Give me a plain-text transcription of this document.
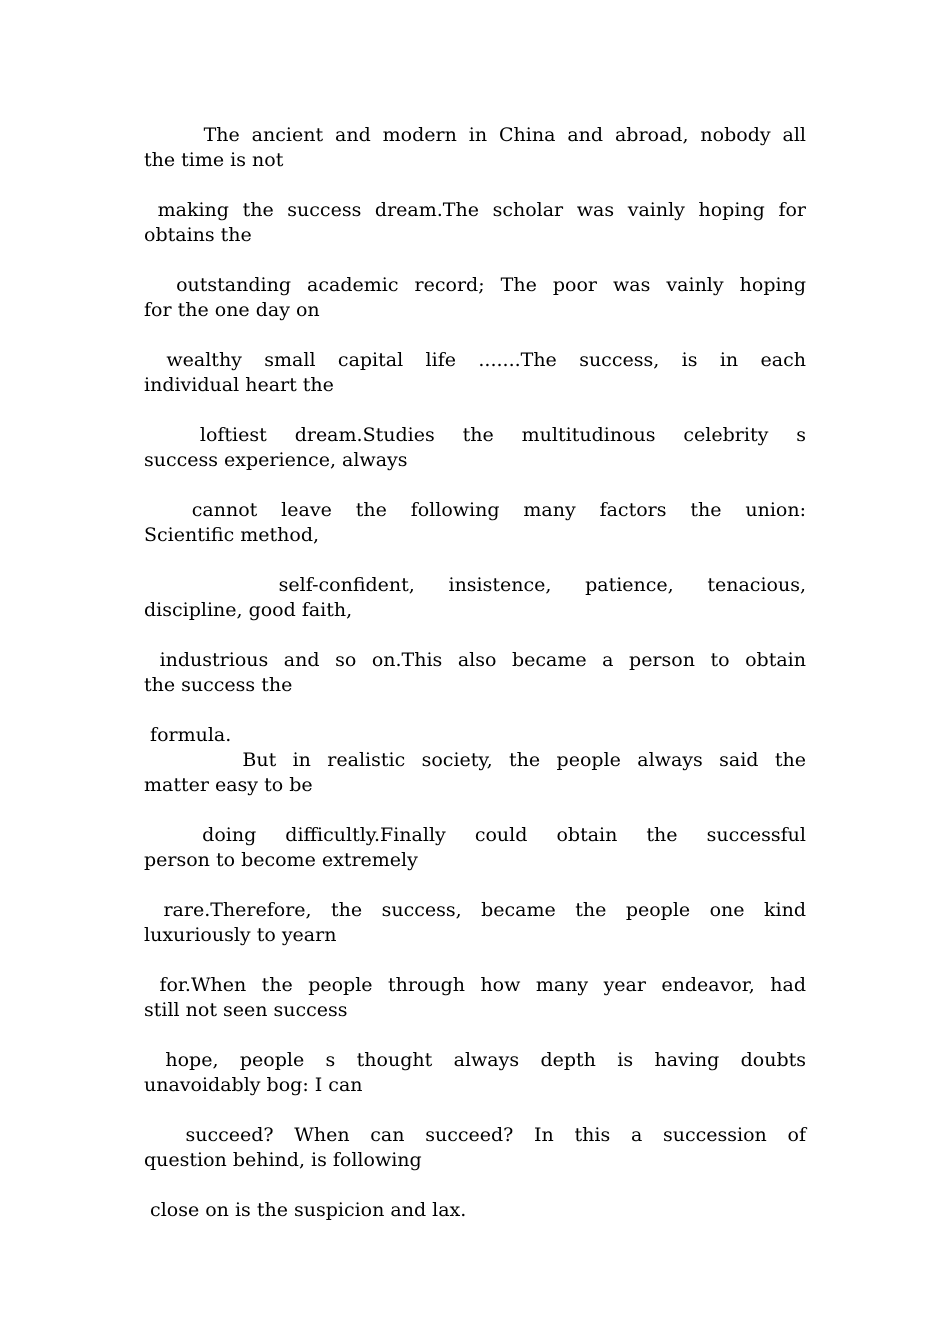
The ancient and modern in China and abroad, nobody all
the time is not
making the success dream.The scholar was vainly hoping for
obtains the
outstanding academic record; The poor was vainly hoping
for the one day on
wealthy small capital life .......The success, is in each
individual heart the
loftiest dream.Studies the multitudinous celebrity s
success experience, always
cannot leave the following many factors the union:
Scientific method,
self-confident, insistence, patience, tenacious,
discipline, good faith,
industrious and so on.This also became a person to obtain
the success the
formula.
But in realistic society, the people always said the
matter easy to be
doing difficultly.Finally could obtain the successful
person to become extremely
rare.Therefore, the success, became the people one kind
luxuriously to yearn
for.When the people through how many year endeavor, had
still not seen success
hope, people s thought always depth is having doubts
unavoidably bog: I can
succeed? When can succeed? In this a succession of
question behind, is following
close on is the suspicion and lax.
